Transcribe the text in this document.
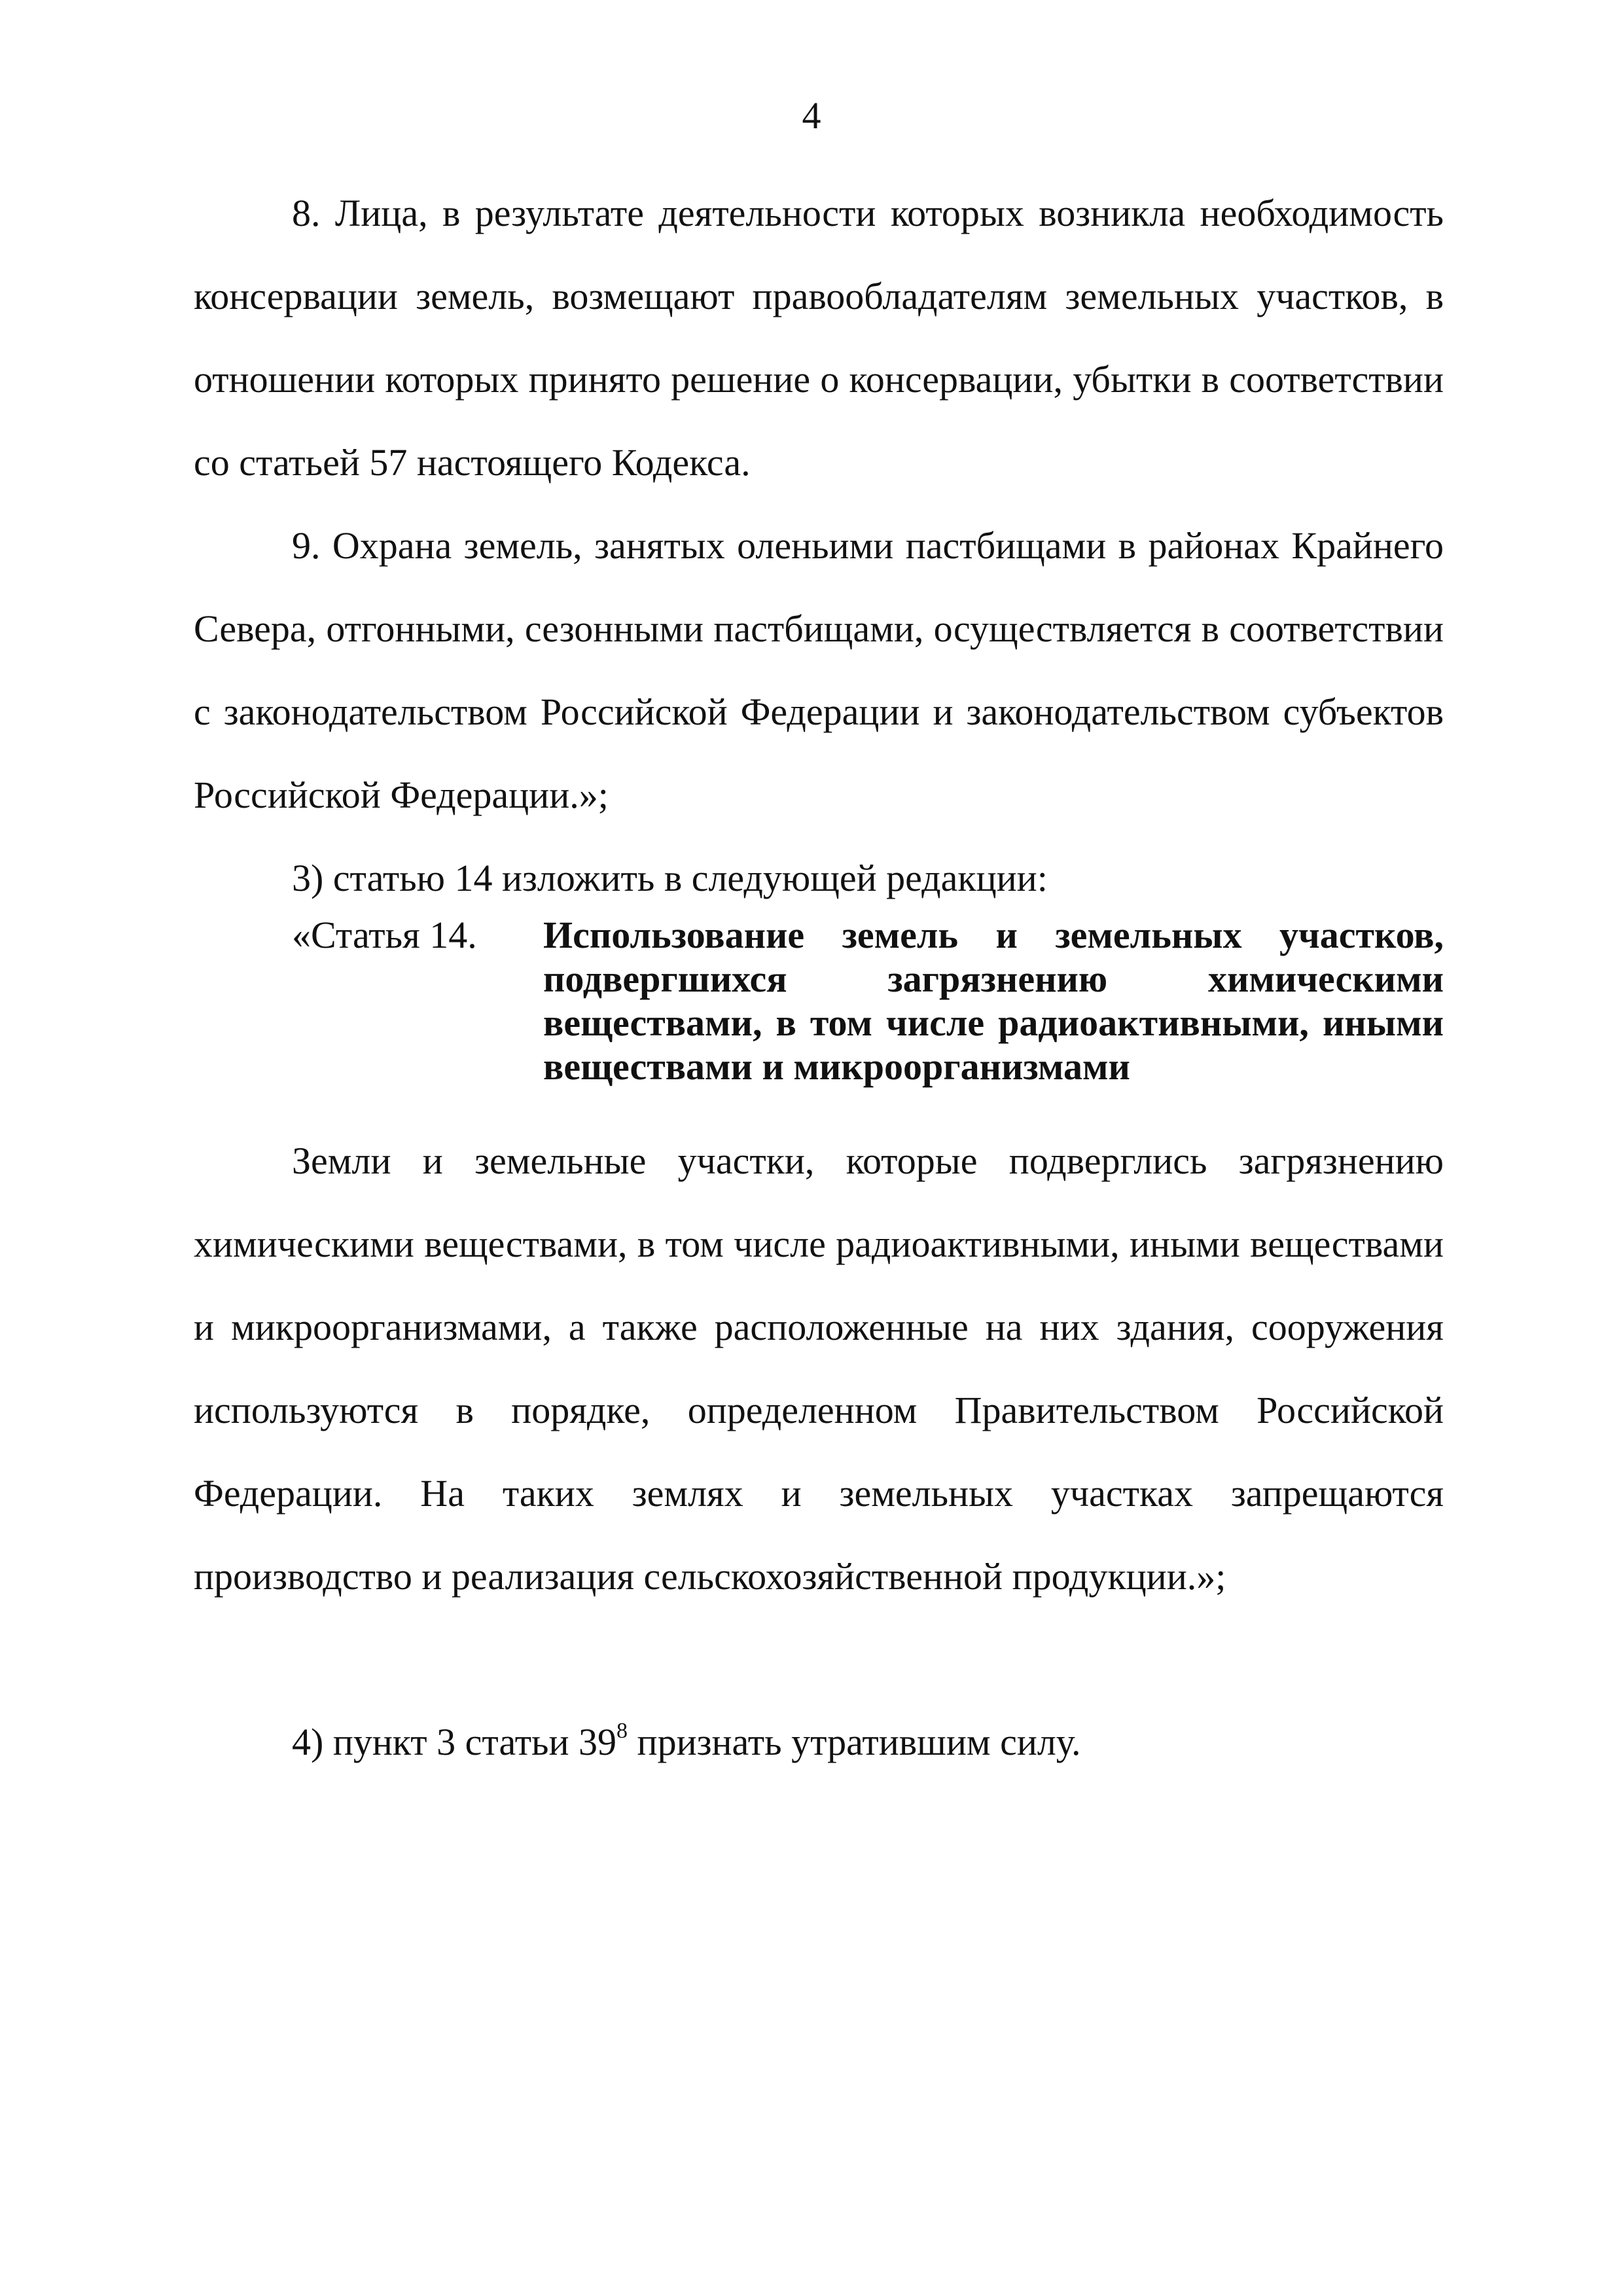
4
8. Лица, в результате деятельности которых возникла необходимость консервации земель, возмещают правообладателям земельных участков, в отношении которых принято решение о консервации, убытки в соответствии со статьей 57 настоящего Кодекса.
9. Охрана земель, занятых оленьими пастбищами в районах Крайнего Севера, отгонными, сезонными пастбищами, осуществляется в соответствии с законодательством Российской Федерации и законодательством субъектов Российской Федерации.»;
3) статью 14 изложить в следующей редакции:
«Статья 14. Использование земель и земельных участков, подвергшихся загрязнению химическими веществами, в том числе радиоактивными, иными веществами и микроорганизмами
Земли и земельные участки, которые подверглись загрязнению химическими веществами, в том числе радиоактивными, иными веществами и микроорганизмами, а также расположенные на них здания, сооружения используются в порядке, определенном Правительством Российской Федерации. На таких землях и земельных участках запрещаются производство и реализация сельскохозяйственной продукции.»;
4) пункт 3 статьи $39^8$ признать утратившим силу.
